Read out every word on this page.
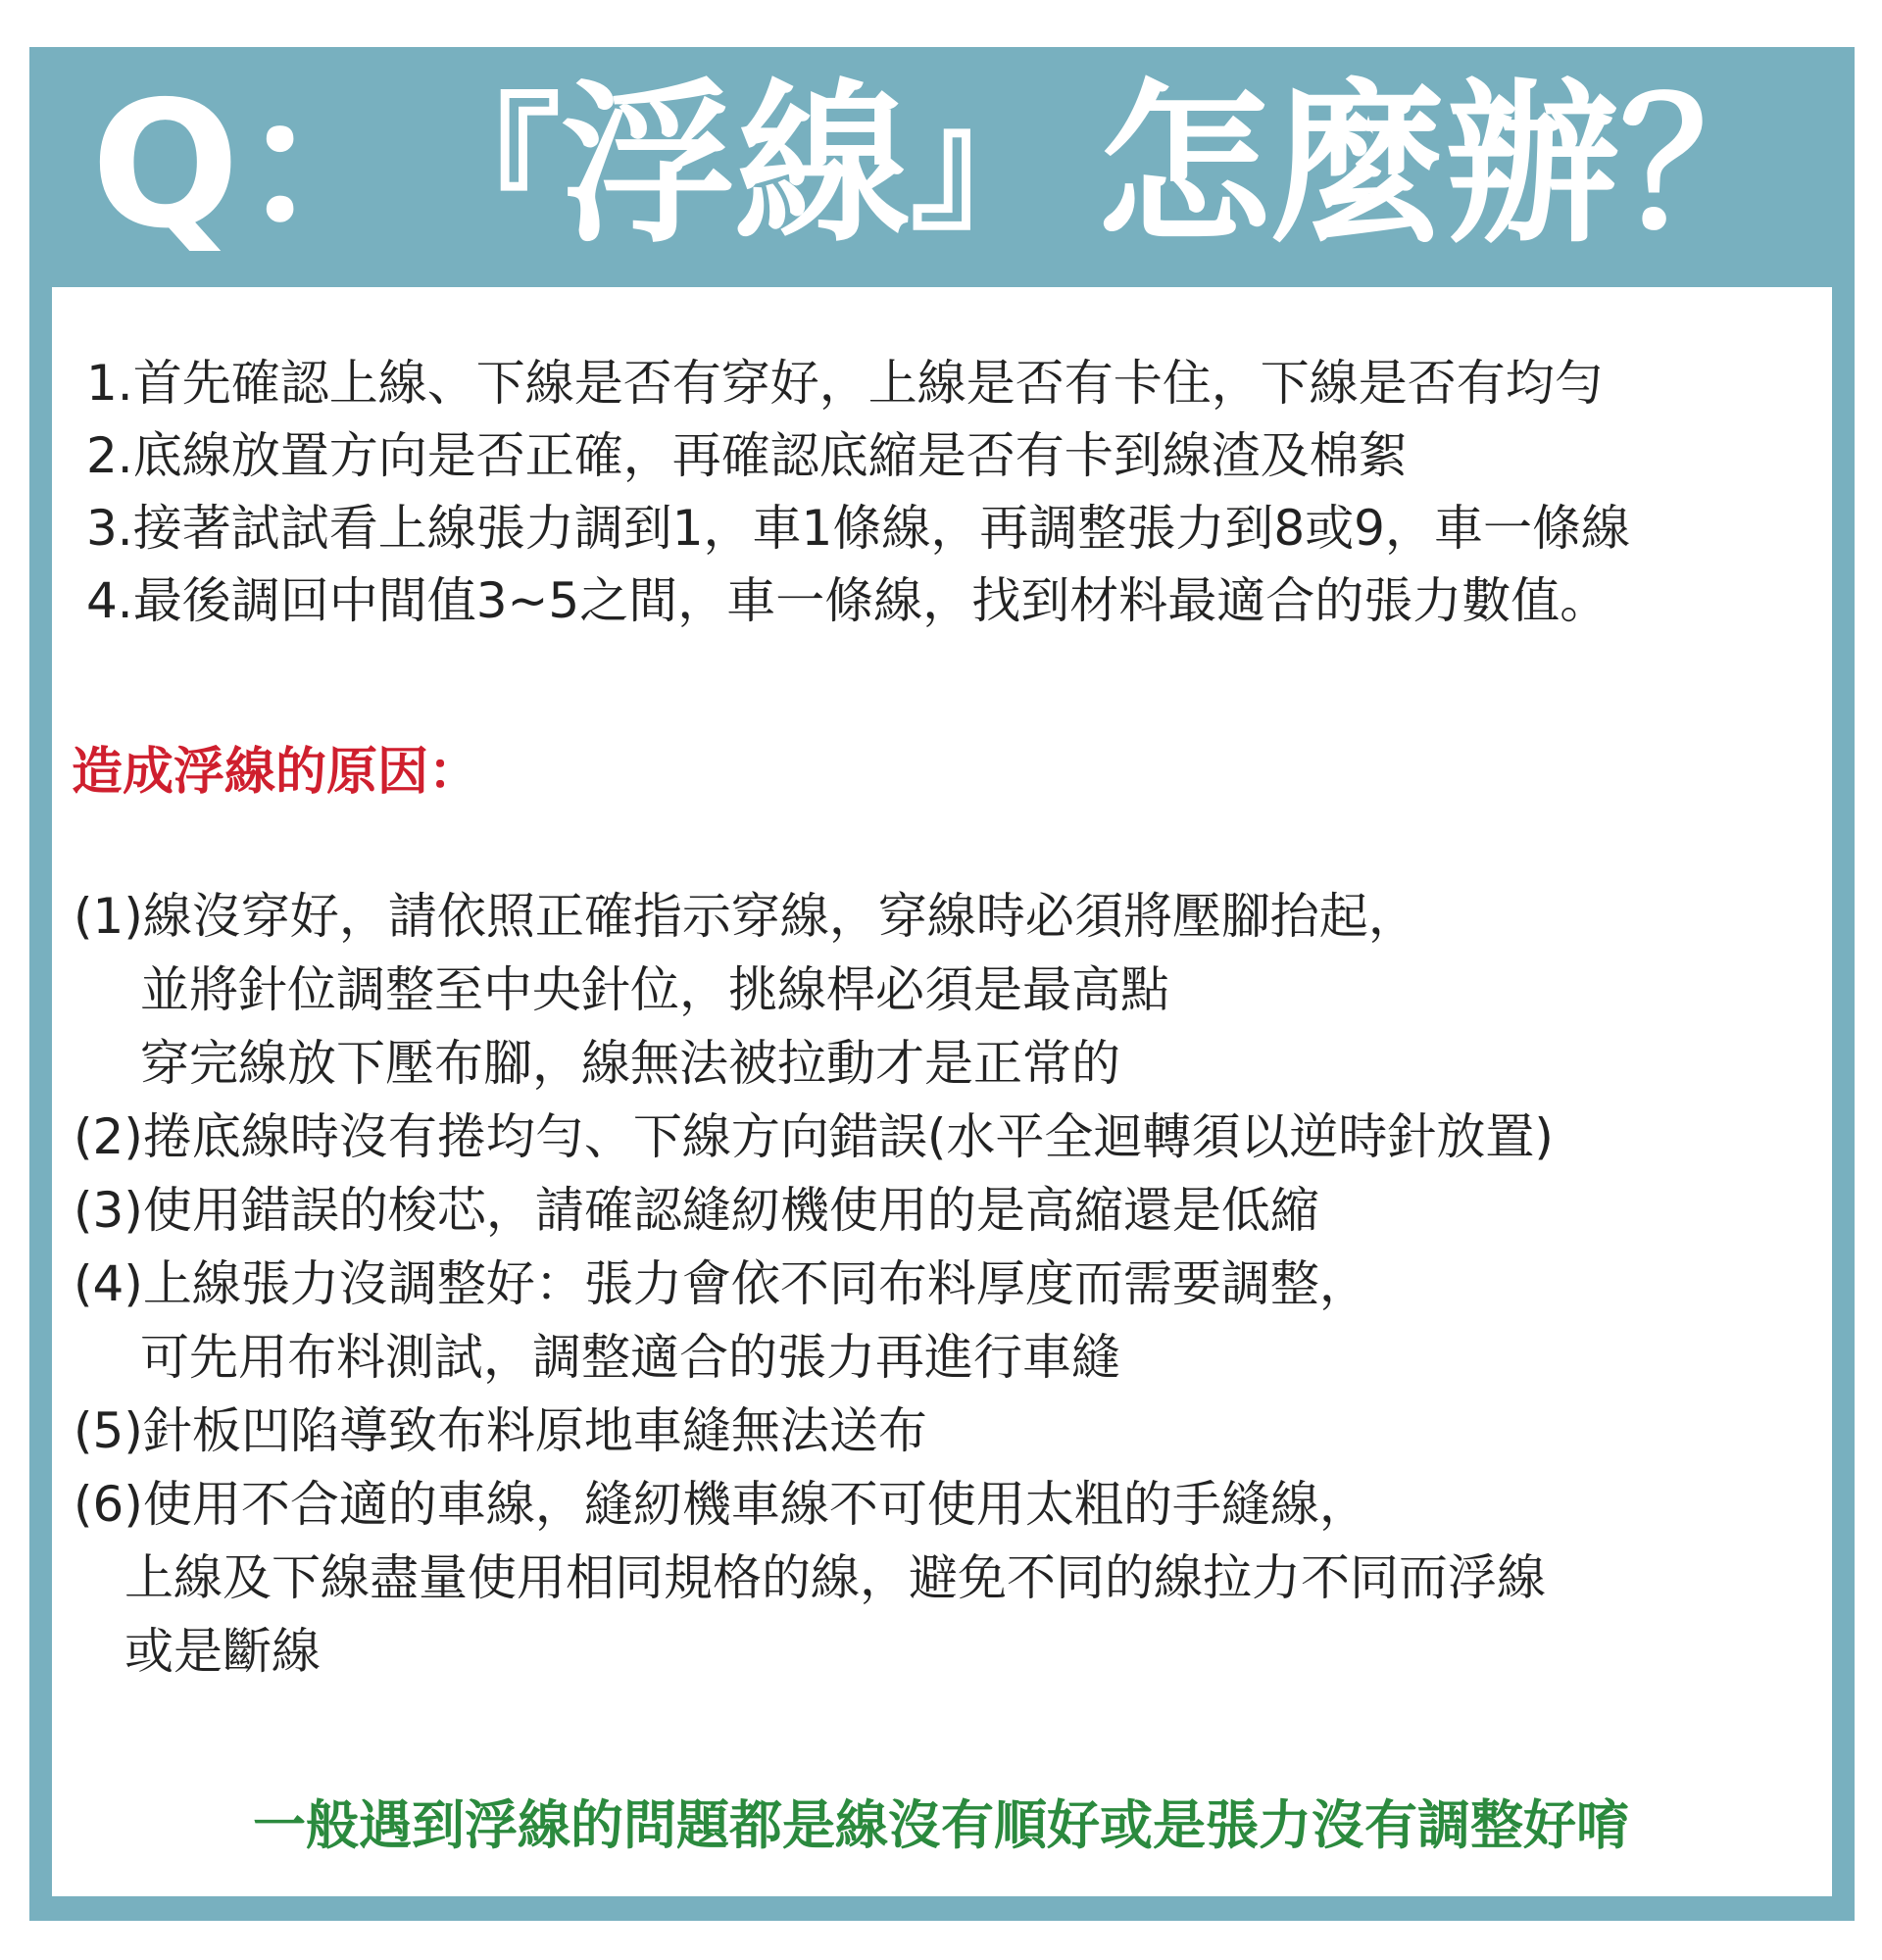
Q： 『 浮線 』 怎麼辦？
1.首先確認上線、下線是否有穿好，上線是否有卡住，下線是否有均勻
2.底線放置方向是否正確，再確認底縮是否有卡到線渣及棉絮
3.接著試試看上線張力調到1，車1條線，再調整張力到8或9，車一條線
4.最後調回中間值3~5之間，車一條線，找到材料最適合的張力數值。
造成浮線的原因：
(1)線沒穿好，請依照正確指示穿線，穿線時必須將壓腳抬起，
並將針位調整至中央針位，挑線桿必須是最高點
穿完線放下壓布腳，線無法被拉動才是正常的
(2)捲底線時沒有捲均勻、下線方向錯誤(水平全迴轉須以逆時針放置)
(3)使用錯誤的梭芯，請確認縫紉機使用的是高縮還是低縮
(4)上線張力沒調整好：張力會依不同布料厚度而需要調整，
可先用布料測試，調整適合的張力再進行車縫
(5)針板凹陷導致布料原地車縫無法送布
(6)使用不合適的車線，縫紉機車線不可使用太粗的手縫線，
上線及下線盡量使用相同規格的線，避免不同的線拉力不同而浮線
或是斷線

一般遇到浮線的問題都是線沒有順好或是張力沒有調整好唷
